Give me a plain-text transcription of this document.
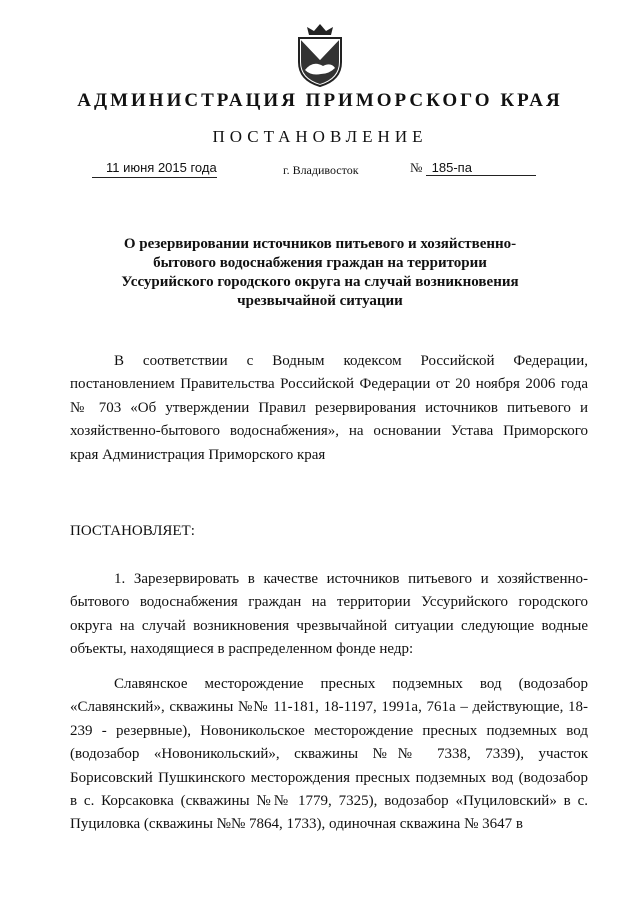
АДМИНИСТРАЦИЯ ПРИМОРСКОГО КРАЯ
ПОСТАНОВЛЕНИЕ
11 июня 2015 года	г. Владивосток	№ 185-па
О резервировании источников питьевого и хозяйственно-бытового водоснабжения граждан на территории Уссурийского городского округа на случай возникновения чрезвычайной ситуации
В соответствии с Водным кодексом Российской Федерации, постановлением Правительства Российской Федерации от 20 ноября 2006 года № 703 «Об утверждении Правил резервирования источников питьевого и хозяйственно-бытового водоснабжения», на основании Устава Приморского края Администрация Приморского края
ПОСТАНОВЛЯЕТ:
1. Зарезервировать в качестве источников питьевого и хозяйственно-бытового водоснабжения граждан на территории Уссурийского городского округа на случай возникновения чрезвычайной ситуации следующие водные объекты, находящиеся в распределенном фонде недр:
Славянское месторождение пресных подземных вод (водозабор «Славянский», скважины №№ 11-181, 18-1197, 1991а, 761а – действующие, 18-239 - резервные), Новоникольское месторождение пресных подземных вод (водозабор «Новоникольский», скважины №№ 7338, 7339), участок Борисовский Пушкинского месторождения пресных подземных вод (водозабор в с. Корсаковка (скважины №№ 1779, 7325), водозабор «Пуциловский» в с. Пуциловка (скважины №№ 7864, 1733), одиночная скважина № 3647 в
